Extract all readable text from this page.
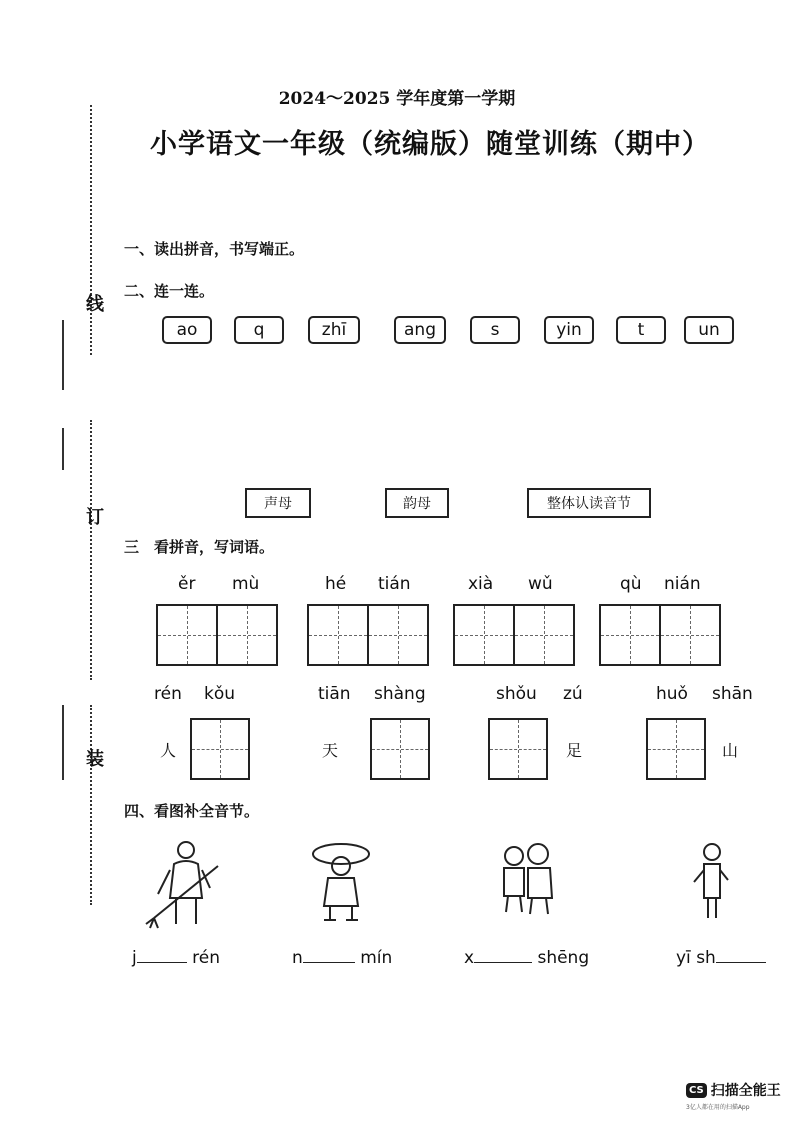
线
订
装
2024～2025 学年度第一学期
小学语文一年级（统编版）随堂训练（期中）
一、读出拼音，书写端正。
二、连一连。
ao	q	zhī	ang	s	yin	t	un
声母	韵母	整体认读音节
三　看拼音，写词语。
ěr mù	hé tián	xià wǔ	qù nián
rén kǒu	tiān shàng	shǒu zú	huǒ shān
人	天	足	山
四、看图补全音节。
j	rén	n	mín	x	shēng	yī sh
CS 扫描全能王
3亿人都在用的扫描App
